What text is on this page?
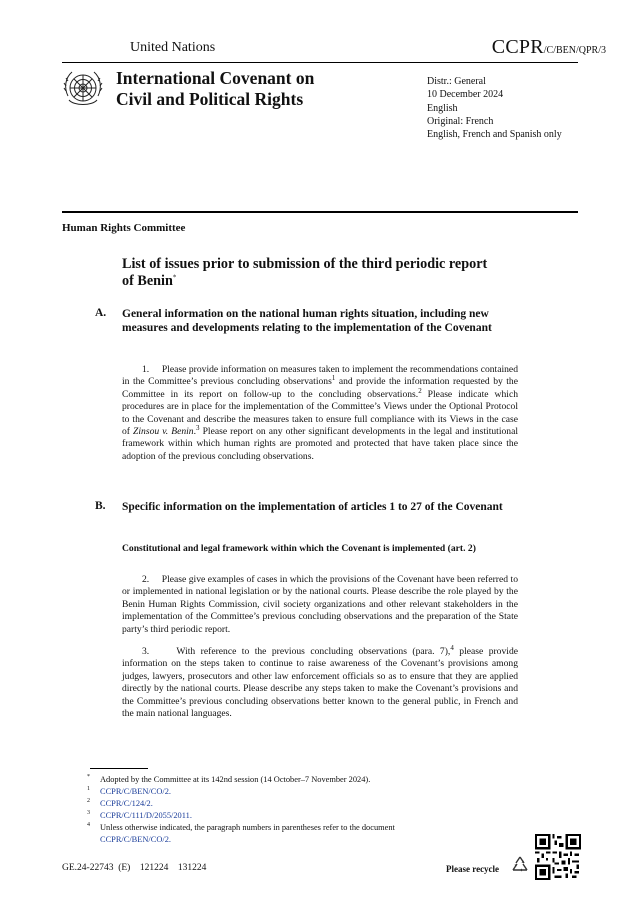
United Nations	CCPR/C/BEN/QPR/3
International Covenant on
Civil and Political Rights
Distr.: General
10 December 2024
English
Original: French
English, French and Spanish only
Human Rights Committee
List of issues prior to submission of the third periodic report
of Benin*
A. General information on the national human rights situation, including new measures and developments relating to the implementation of the Covenant
1.     Please provide information on measures taken to implement the recommendations contained in the Committee’s previous concluding observations$^1$ and provide the information requested by the Committee in its report on follow-up to the concluding observations.$^2$ Please indicate which procedures are in place for the implementation of the Committee’s Views under the Optional Protocol to the Covenant and describe the measures taken to ensure full compliance with its Views in the case of Zinsou v. Benin.$^3$ Please report on any other significant developments in the legal and institutional framework within which human rights are promoted and protected that have taken place since the adoption of the previous concluding observations.
B. Specific information on the implementation of articles 1 to 27 of the Covenant
Constitutional and legal framework within which the Covenant is implemented (art. 2)
2.     Please give examples of cases in which the provisions of the Covenant have been referred to or implemented in national legislation or by the national courts. Please describe the role played by the Benin Human Rights Commission, civil society organizations and other relevant stakeholders in the implementation of the Committee’s previous concluding observations and the preparation of the State party’s third periodic report.
3.     With reference to the previous concluding observations (para. 7),$^4$ please provide information on the steps taken to continue to raise awareness of the Covenant’s provisions among judges, lawyers, prosecutors and other law enforcement officials so as to ensure that they are applied directly by the national courts. Please describe any steps taken to make the Covenant’s provisions and the Committee’s previous concluding observations better known to the general public, in French and the main national languages.
* Adopted by the Committee at its 142nd session (14 October–7 November 2024).
1 CCPR/C/BEN/CO/2.
2 CCPR/C/124/2.
3 CCPR/C/111/D/2055/2011.
4 Unless otherwise indicated, the paragraph numbers in parentheses refer to the document
CCPR/C/BEN/CO/2.
GE.24-22743  (E)    121224    131224	Please recycle
